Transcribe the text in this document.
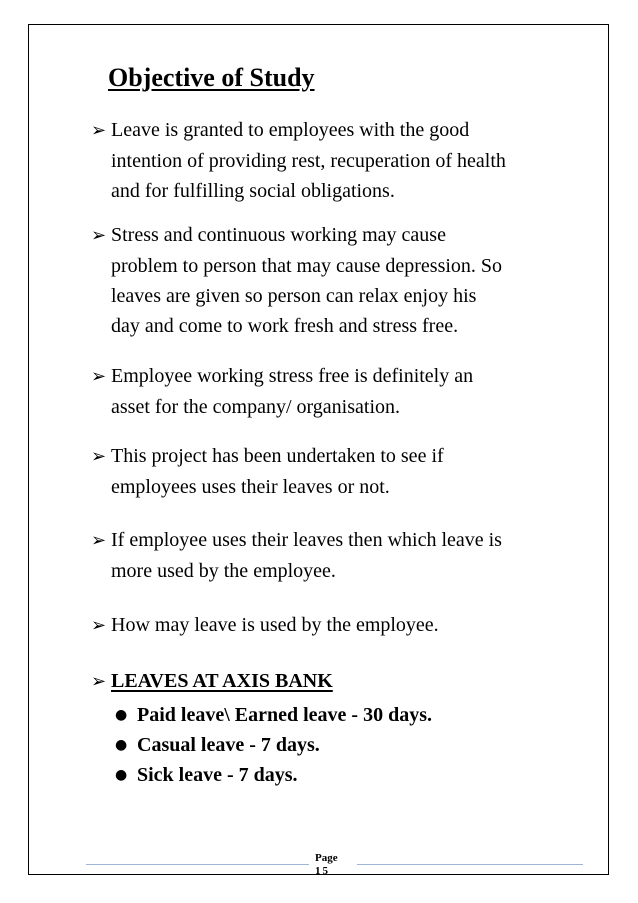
Objective of Study
➢ Leave is granted to employees with the good
intention of providing rest, recuperation of health
and for fulfilling social obligations.
➢ Stress and continuous working may cause
problem to person that may cause depression. So
leaves are given so person can relax enjoy his
day and come to work fresh and stress free.
➢ Employee working stress free is definitely an
asset for the company/ organisation.
➢ This project has been undertaken to see if
employees uses their leaves or not.
➢ If employee uses their leaves then which leave is
more used by the employee.
➢ How may leave is used by the employee.
➢ LEAVES AT AXIS BANK
● Paid leave\ Earned leave - 30 days.
● Casual leave - 7 days.
● Sick leave - 7 days.
Page
15
